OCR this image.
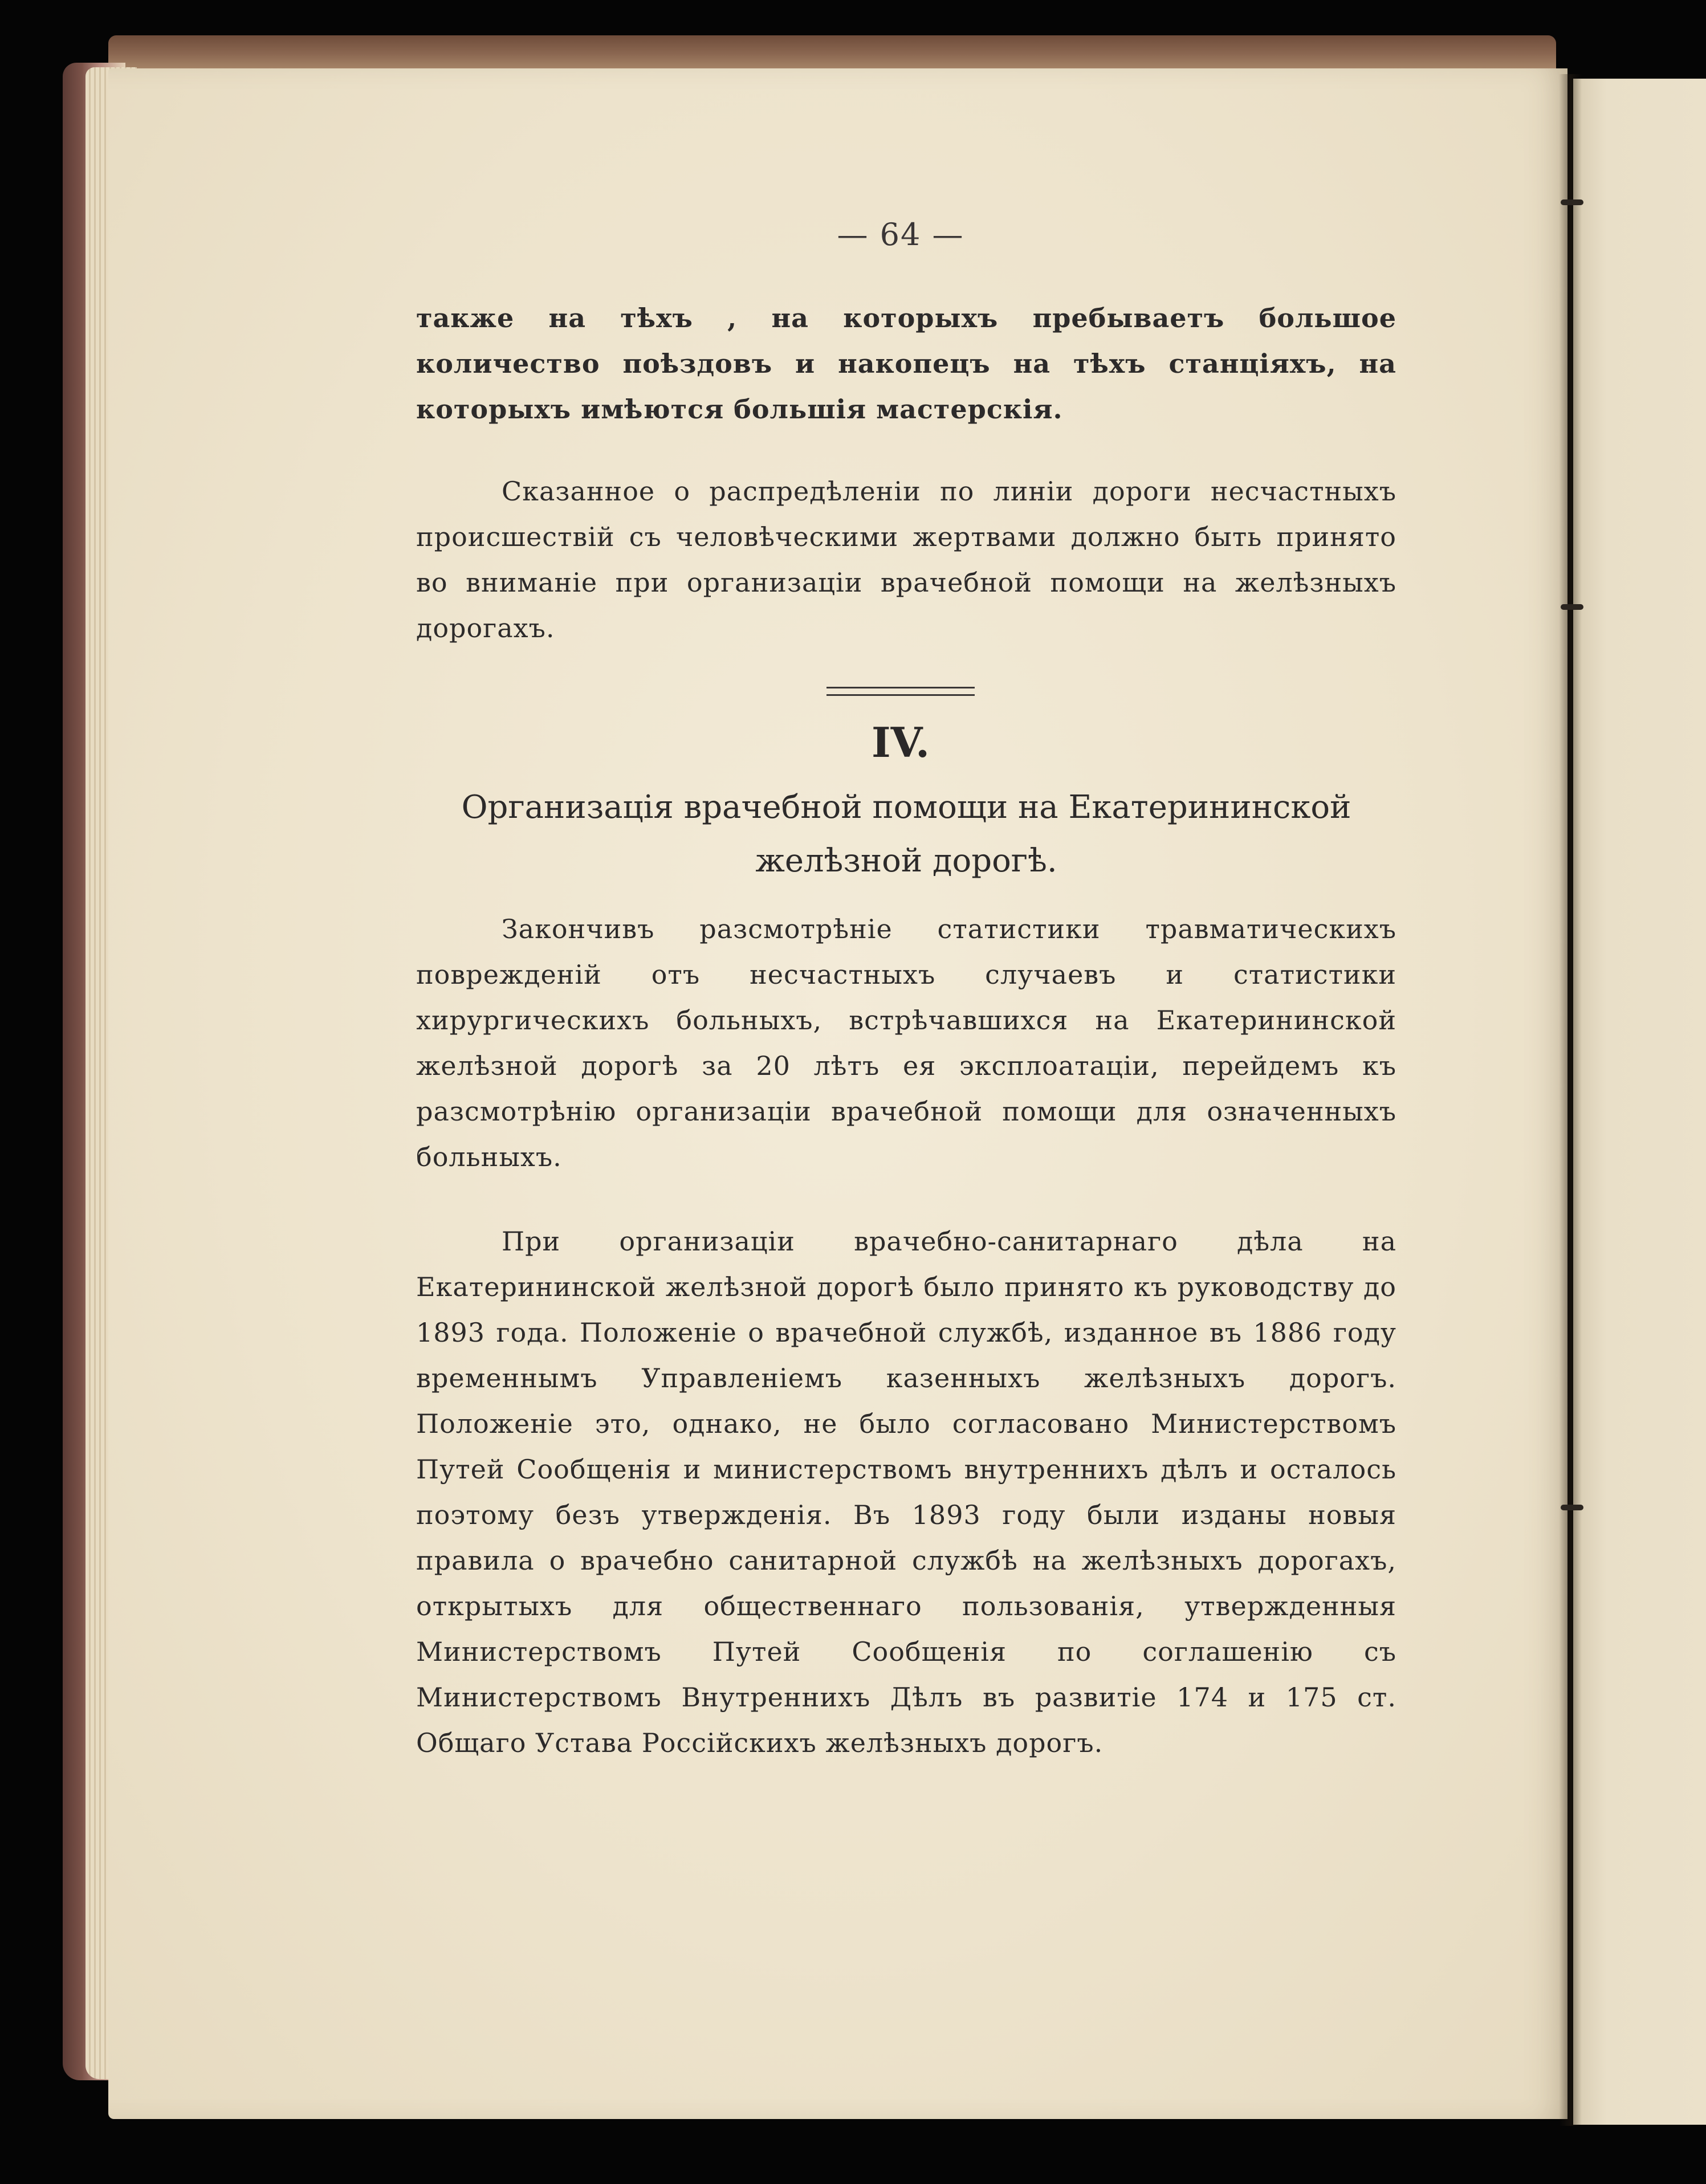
— 64 —

также на тѣхъ , на которыхъ пребываетъ большое количество поѣздовъ и накопецъ на тѣхъ станціяхъ, на которыхъ имѣются большія мастерскія.

Сказанное о распредѣленіи по линіи дороги несчастныхъ происшествій съ человѣческими жертвами должно быть принято во вниманіе при организаціи врачебной помощи на желѣзныхъ дорогахъ.

IV.
Организація врачебной помощи на Екатерининской
желѣзной дорогѣ.

Закончивъ разсмотрѣніе статистики травматическихъ поврежденій отъ несчастныхъ случаевъ и статистики хирургическихъ больныхъ, встрѣчавшихся на Екатерининской желѣзной дорогѣ за 20 лѣтъ ея эксплоатаціи, перейдемъ къ разсмотрѣнію организаціи врачебной помощи для означенныхъ больныхъ.

При организаціи врачебно-санитарнаго дѣла на Екатерининской желѣзной дорогѣ было принято къ руководству до 1893 года. Положеніе о врачебной службѣ, изданное въ 1886 году временнымъ Управленіемъ казенныхъ желѣзныхъ дорогъ. Положеніе это, однако, не было согласовано Министерствомъ Путей Сообщенія и министерствомъ внутреннихъ дѣлъ и осталось поэтому безъ утвержденія. Въ 1893 году были изданы новыя правила о врачебно санитарной службѣ на желѣзныхъ дорогахъ, открытыхъ для общественнаго пользованія, утвержденныя Министерствомъ Путей Сообщенія по соглашенію съ Министерствомъ Внутреннихъ Дѣлъ въ развитіе 174 и 175 ст. Общаго Устава Россійскихъ желѣзныхъ дорогъ.
